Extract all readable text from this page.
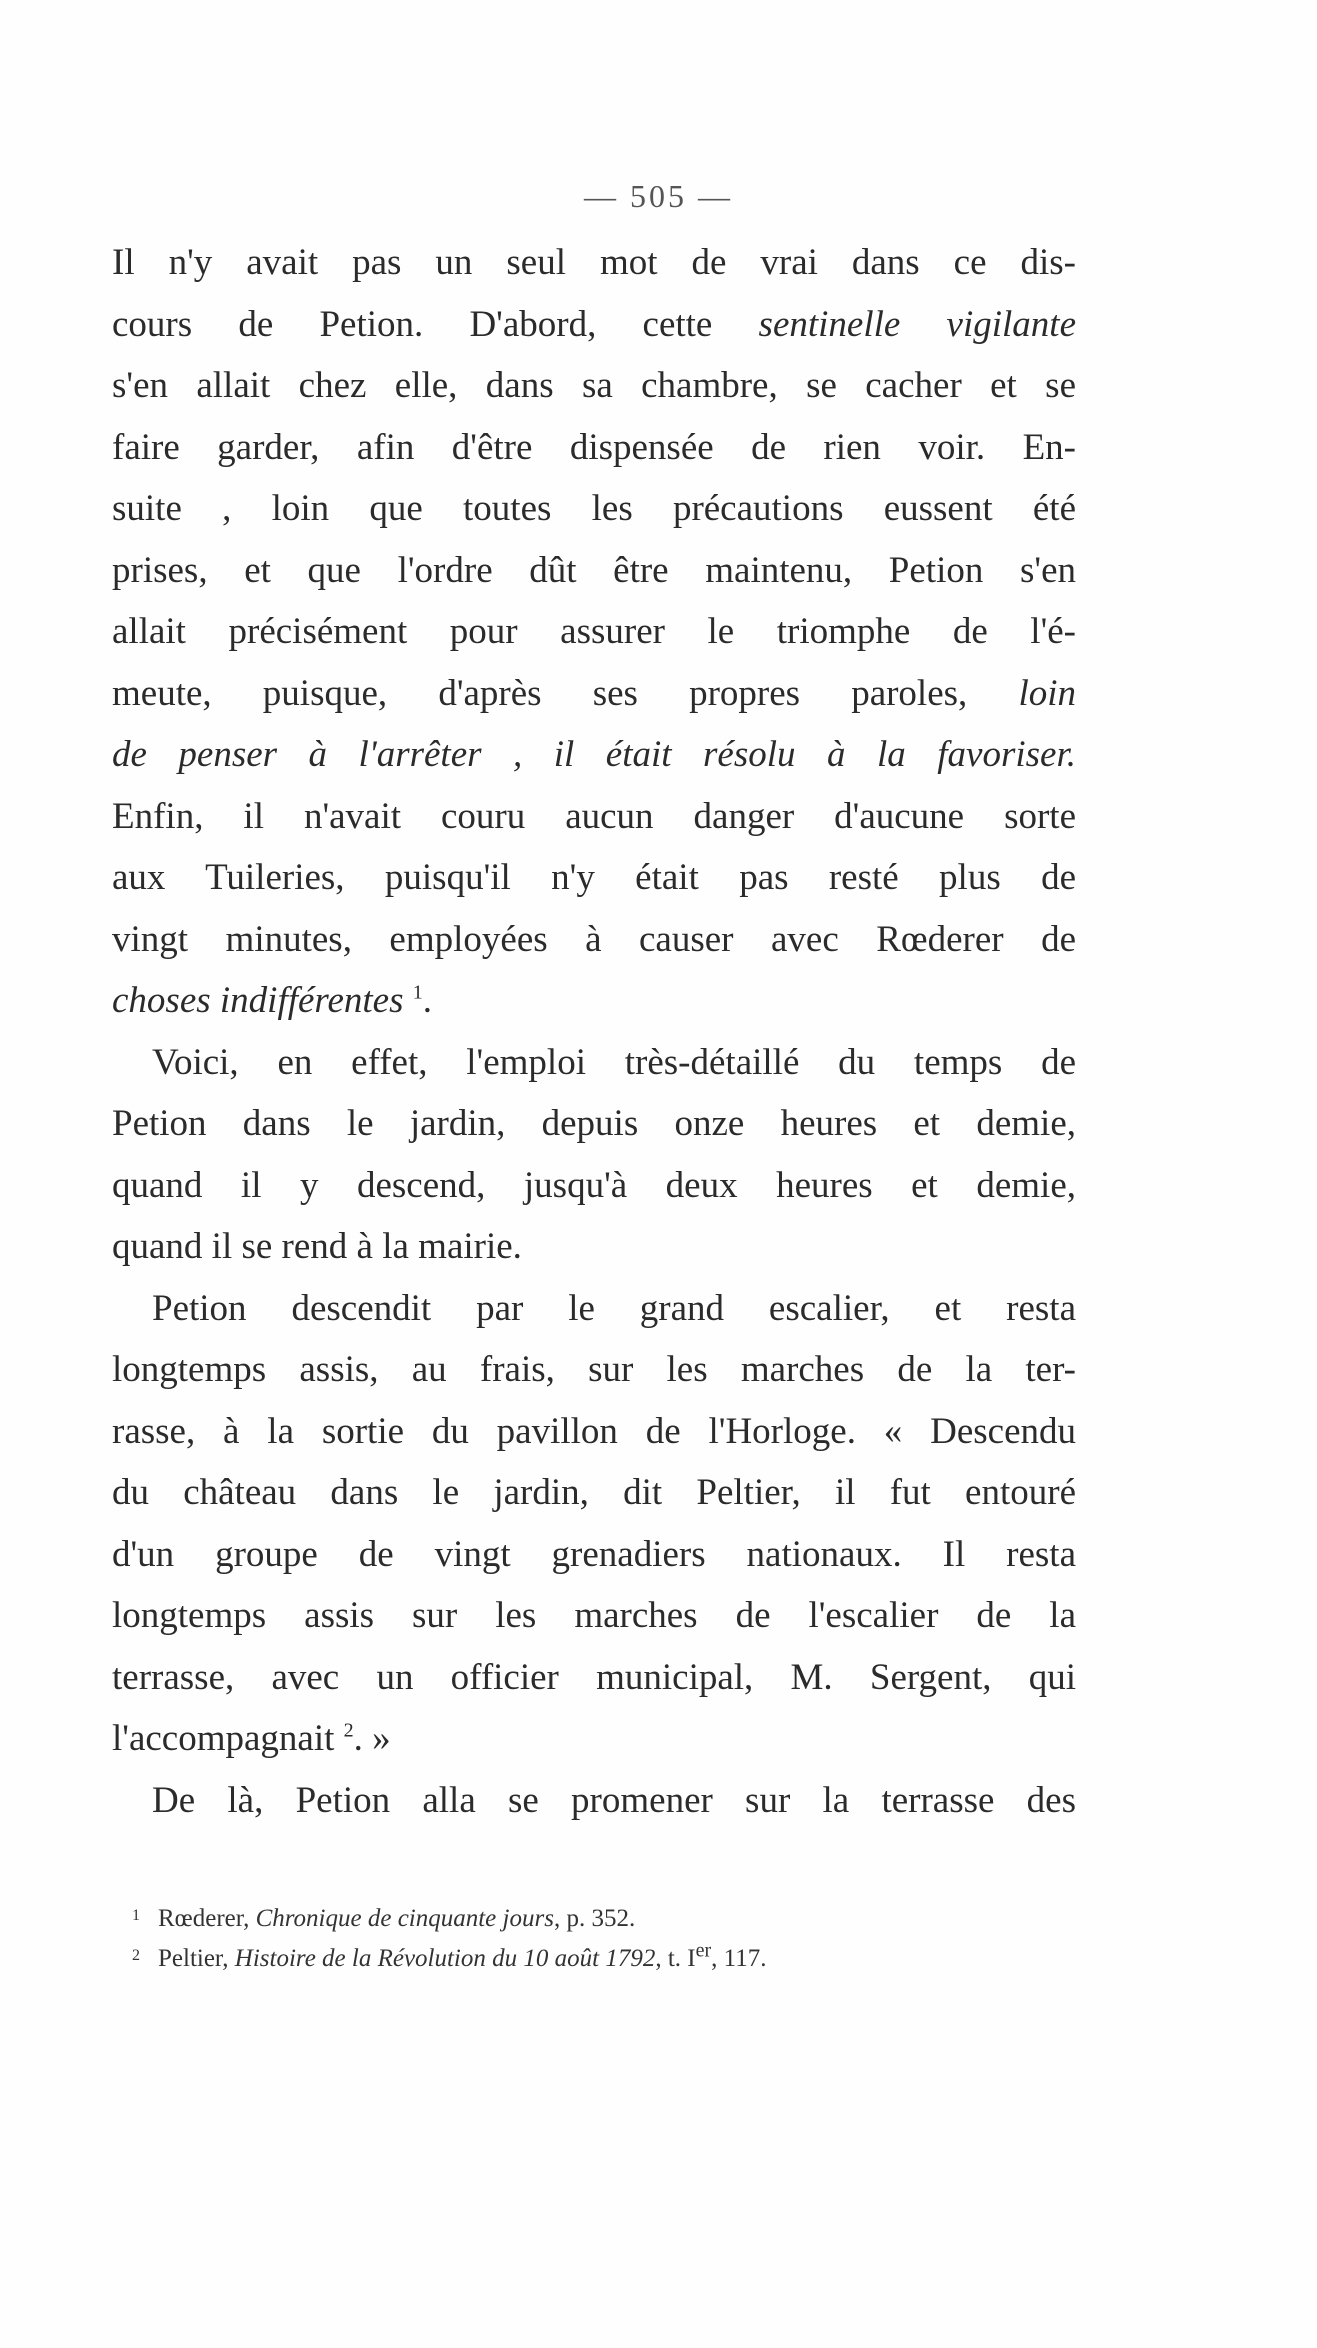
— 505 —
Il n'y avait pas un seul mot de vrai dans ce dis-
cours de Petion. D'abord, cette sentinelle vigilante
s'en allait chez elle, dans sa chambre, se cacher et se
faire garder, afin d'être dispensée de rien voir. En-
suite , loin que toutes les précautions eussent été
prises, et que l'ordre dût être maintenu, Petion s'en
allait précisément pour assurer le triomphe de l'é-
meute, puisque, d'après ses propres paroles, loin
de penser à l'arrêter , il était résolu à la favoriser.
Enfin, il n'avait couru aucun danger d'aucune sorte
aux Tuileries, puisqu'il n'y était pas resté plus de
vingt minutes, employées à causer avec Rœderer de
choses indifférentes $^1$.
Voici, en effet, l'emploi très-détaillé du temps de
Petion dans le jardin, depuis onze heures et demie,
quand il y descend, jusqu'à deux heures et demie,
quand il se rend à la mairie.
Petion descendit par le grand escalier, et resta
longtemps assis, au frais, sur les marches de la ter-
rasse, à la sortie du pavillon de l'Horloge. « Descendu
du château dans le jardin, dit Peltier, il fut entouré
d'un groupe de vingt grenadiers nationaux. Il resta
longtemps assis sur les marches de l'escalier de la
terrasse, avec un officier municipal, M. Sergent, qui
l'accompagnait $^2$. »
De là, Petion alla se promener sur la terrasse des
1 Rœderer, Chronique de cinquante jours, p. 352.
2 Peltier, Histoire de la Révolution du 10 août 1792, t. Ier, 117.
